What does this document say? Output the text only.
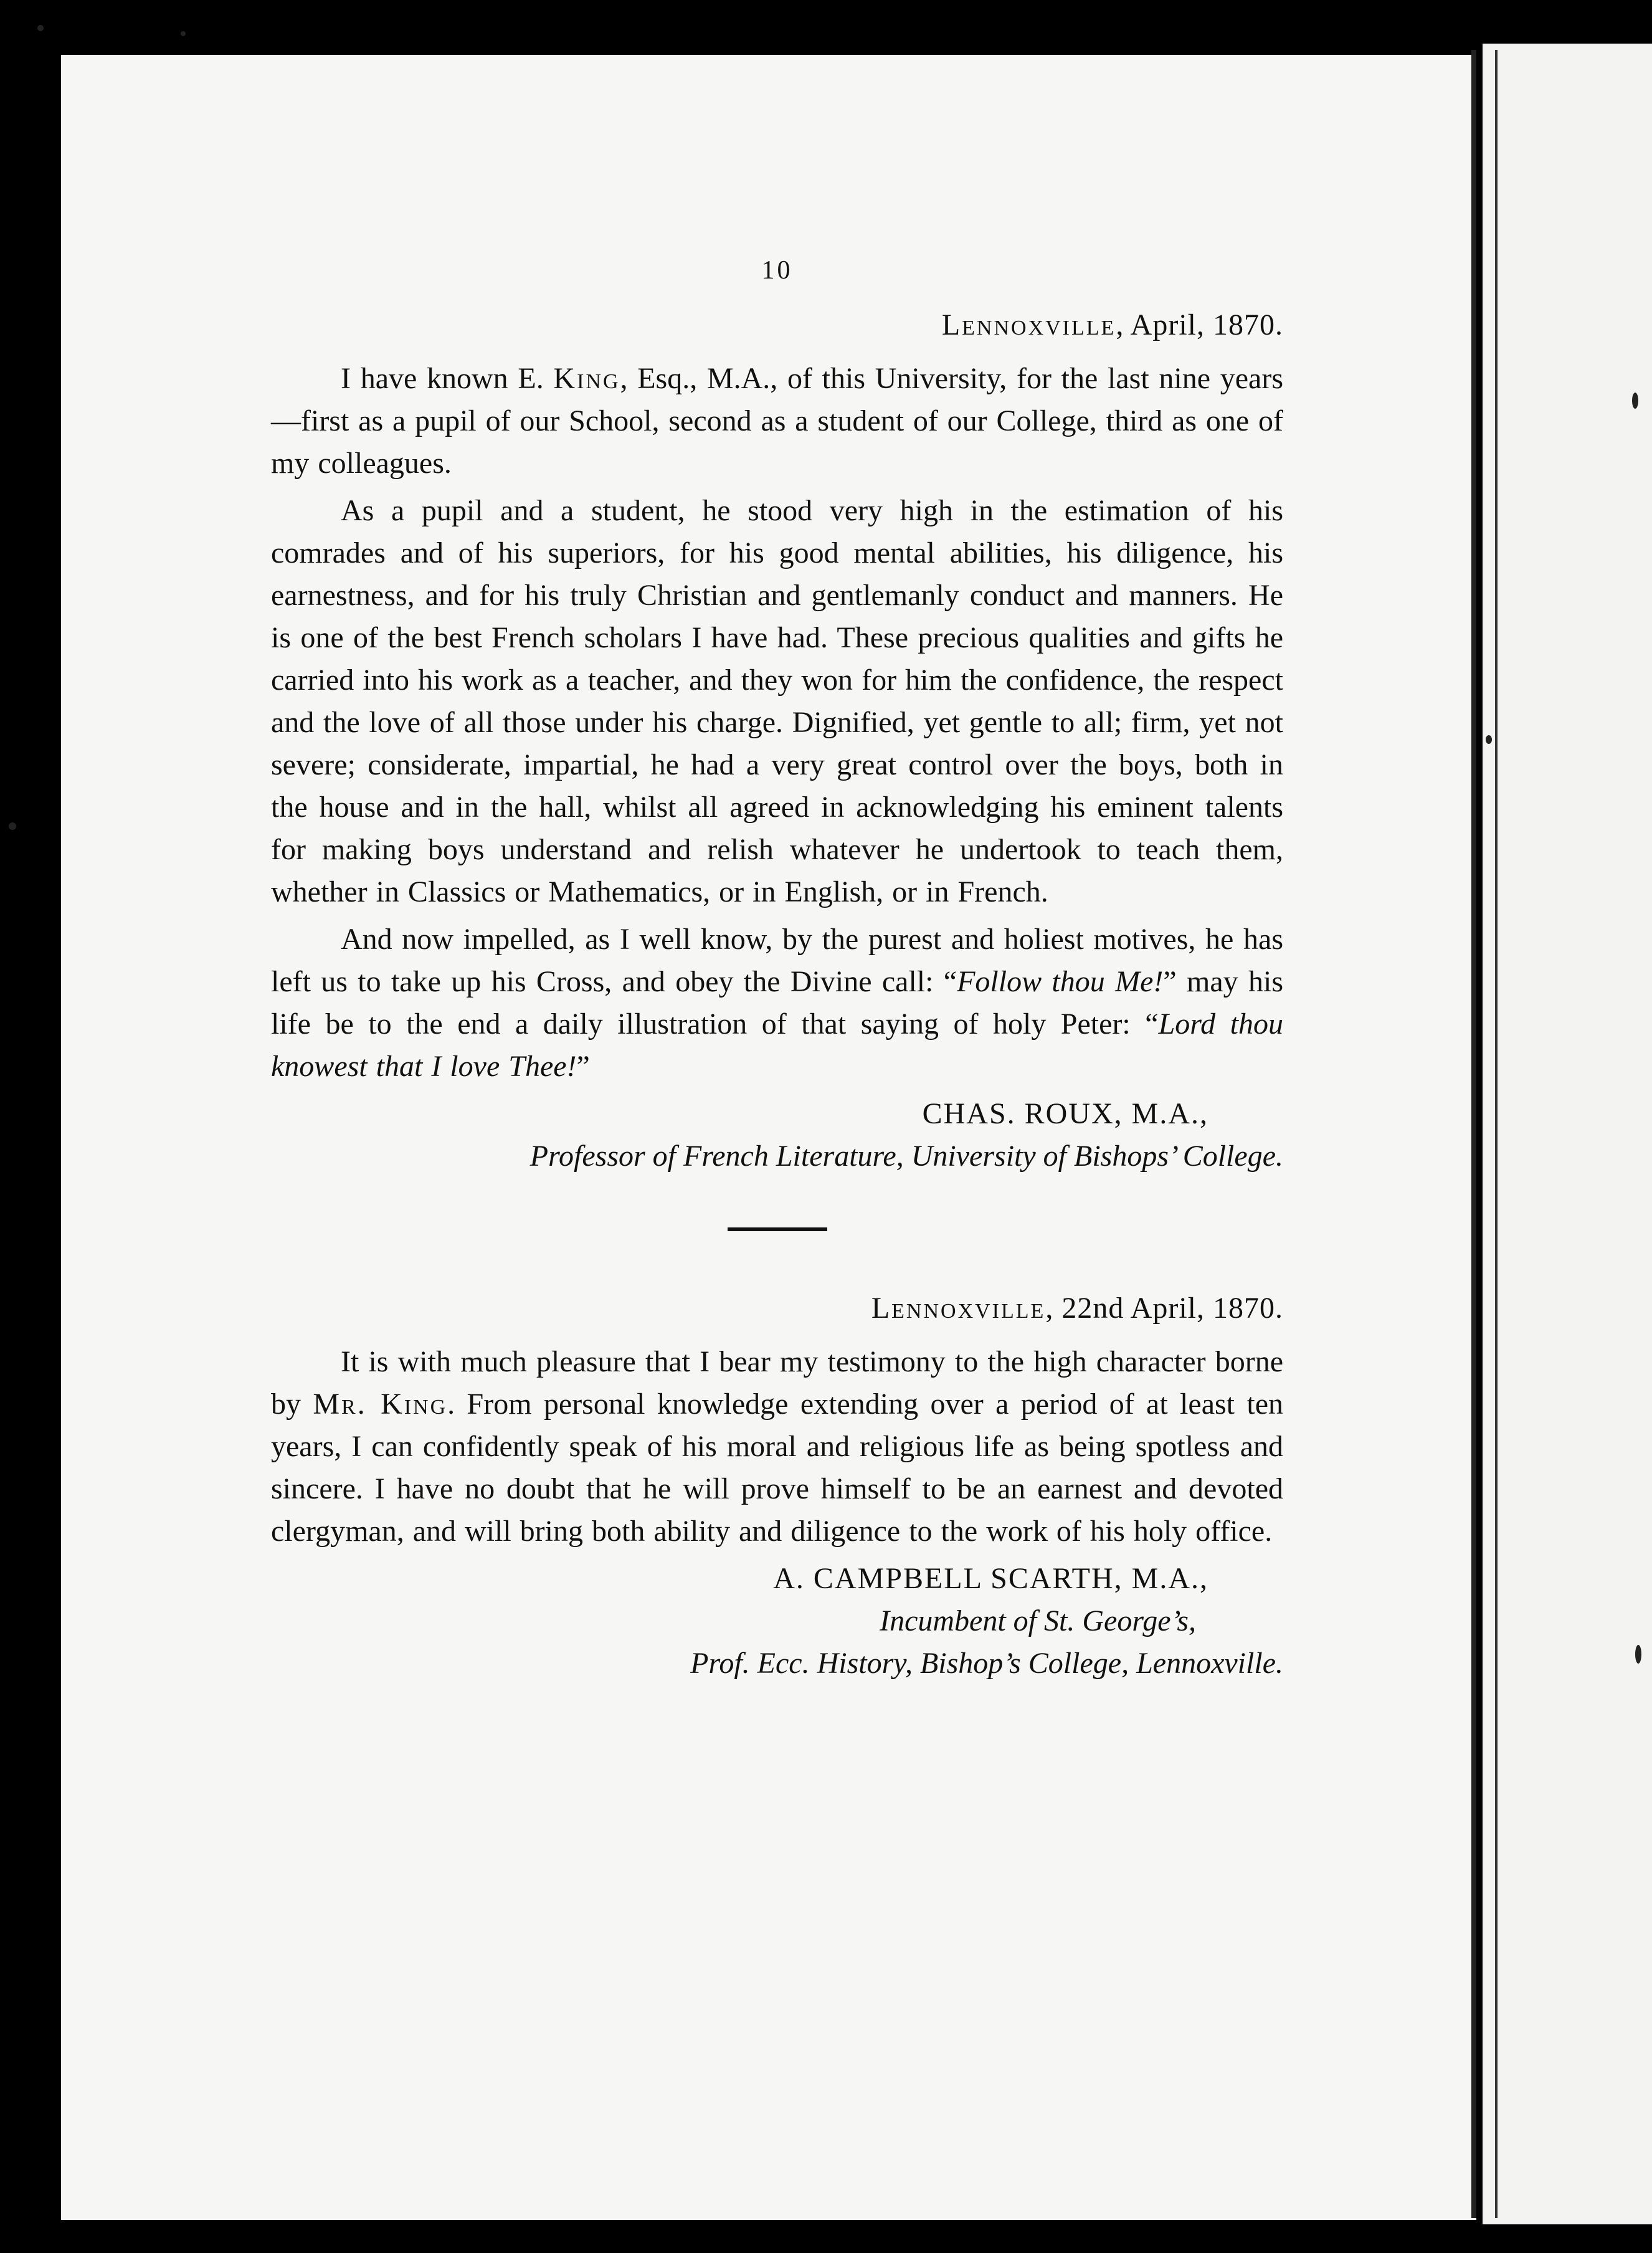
10

Lennoxville, April, 1870.

I have known E. King, Esq., M.A., of this University, for the last nine years—first as a pupil of our School, second as a student of our College, third as one of my colleagues.

As a pupil and a student, he stood very high in the estimation of his comrades and of his superiors, for his good mental abilities, his diligence, his earnestness, and for his truly Christian and gentlemanly conduct and manners. He is one of the best French scholars I have had. These precious qualities and gifts he carried into his work as a teacher, and they won for him the confidence, the respect and the love of all those under his charge. Dignified, yet gentle to all; firm, yet not severe; considerate, impartial, he had a very great control over the boys, both in the house and in the hall, whilst all agreed in acknowledging his eminent talents for making boys understand and relish whatever he undertook to teach them, whether in Classics or Mathematics, or in English, or in French.

And now impelled, as I well know, by the purest and holiest motives, he has left us to take up his Cross, and obey the Divine call: “Follow thou Me!” may his life be to the end a daily illustration of that saying of holy Peter: “Lord thou knowest that I love Thee!”

CHAS. ROUX, M.A.,

Professor of French Literature, University of Bishops’ College.

Lennoxville, 22nd April, 1870.

It is with much pleasure that I bear my testimony to the high character borne by Mr. King. From personal knowledge extending over a period of at least ten years, I can confidently speak of his moral and religious life as being spotless and sincere. I have no doubt that he will prove himself to be an earnest and devoted clergyman, and will bring both ability and diligence to the work of his holy office.

A. CAMPBELL SCARTH, M.A.,

Incumbent of St. George’s,

Prof. Ecc. History, Bishop’s College, Lennoxville.
